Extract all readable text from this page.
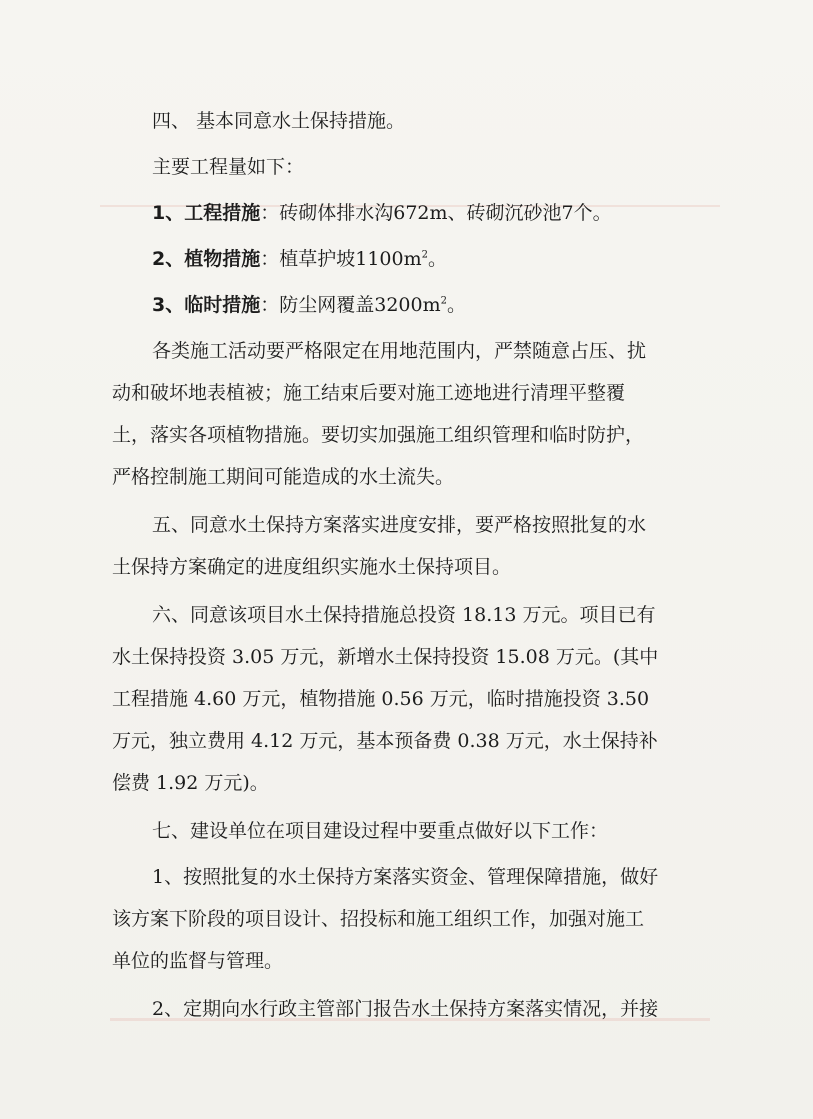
四、 基本同意水土保持措施。
主要工程量如下：
1、工程措施：砖砌体排水沟672m、砖砌沉砂池7个。
2、植物措施：植草护坡$1100m^2$。
3、临时措施：防尘网覆盖$3200m^2$。
各类施工活动要严格限定在用地范围内，严禁随意占压、扰
动和破坏地表植被；施工结束后要对施工迹地进行清理平整覆
土，落实各项植物措施。要切实加强施工组织管理和临时防护，
严格控制施工期间可能造成的水土流失。
五、同意水土保持方案落实进度安排，要严格按照批复的水
土保持方案确定的进度组织实施水土保持项目。
六、同意该项目水土保持措施总投资 18.13 万元。项目已有
水土保持投资 3.05 万元，新增水土保持投资 15.08 万元。(其中
工程措施 4.60 万元，植物措施 0.56 万元，临时措施投资 3.50
万元，独立费用 4.12 万元，基本预备费 0.38 万元，水土保持补
偿费 1.92 万元)。
七、建设单位在项目建设过程中要重点做好以下工作：
1、按照批复的水土保持方案落实资金、管理保障措施，做好
该方案下阶段的项目设计、招投标和施工组织工作，加强对施工
单位的监督与管理。
2、定期向水行政主管部门报告水土保持方案落实情况，并接
